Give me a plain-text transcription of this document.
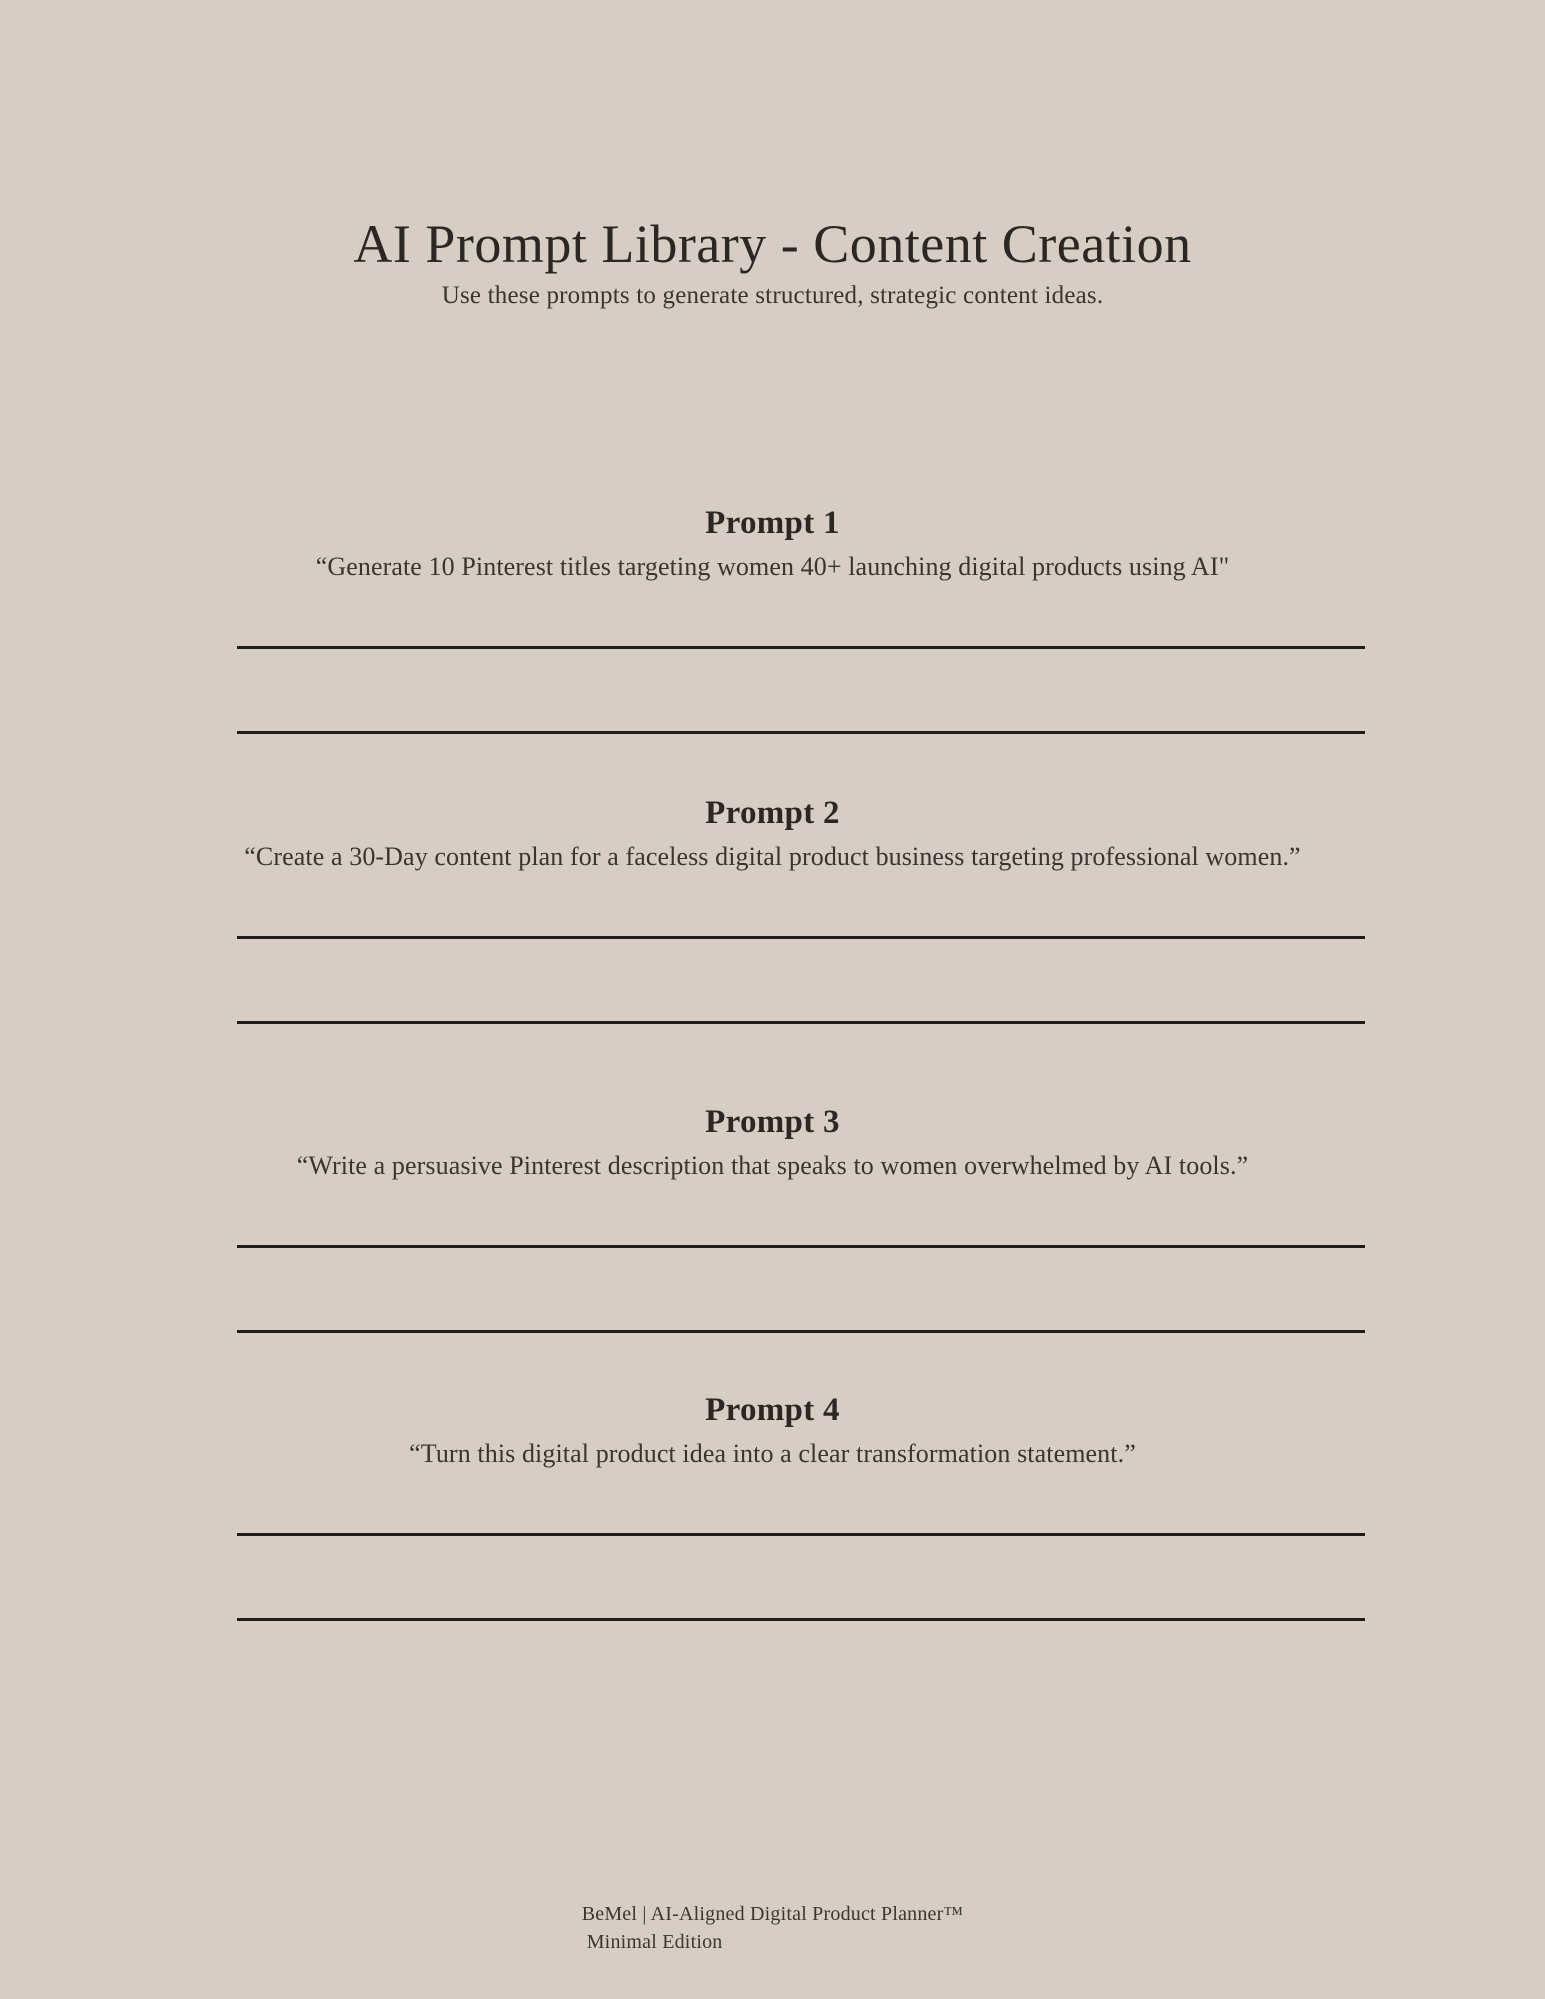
AI Prompt Library - Content Creation

Use these prompts to generate structured, strategic content ideas.

Prompt 1

“Generate 10 Pinterest titles targeting women 40+ launching digital products using AI"

Prompt 2

“Create a 30-Day content plan for a faceless digital product business targeting professional women.”

Prompt 3

“Write a persuasive Pinterest description that speaks to women overwhelmed by AI tools.”

Prompt 4

“Turn this digital product idea into a clear transformation statement.”

BeMel | AI-Aligned Digital Product Planner™
Minimal Edition
